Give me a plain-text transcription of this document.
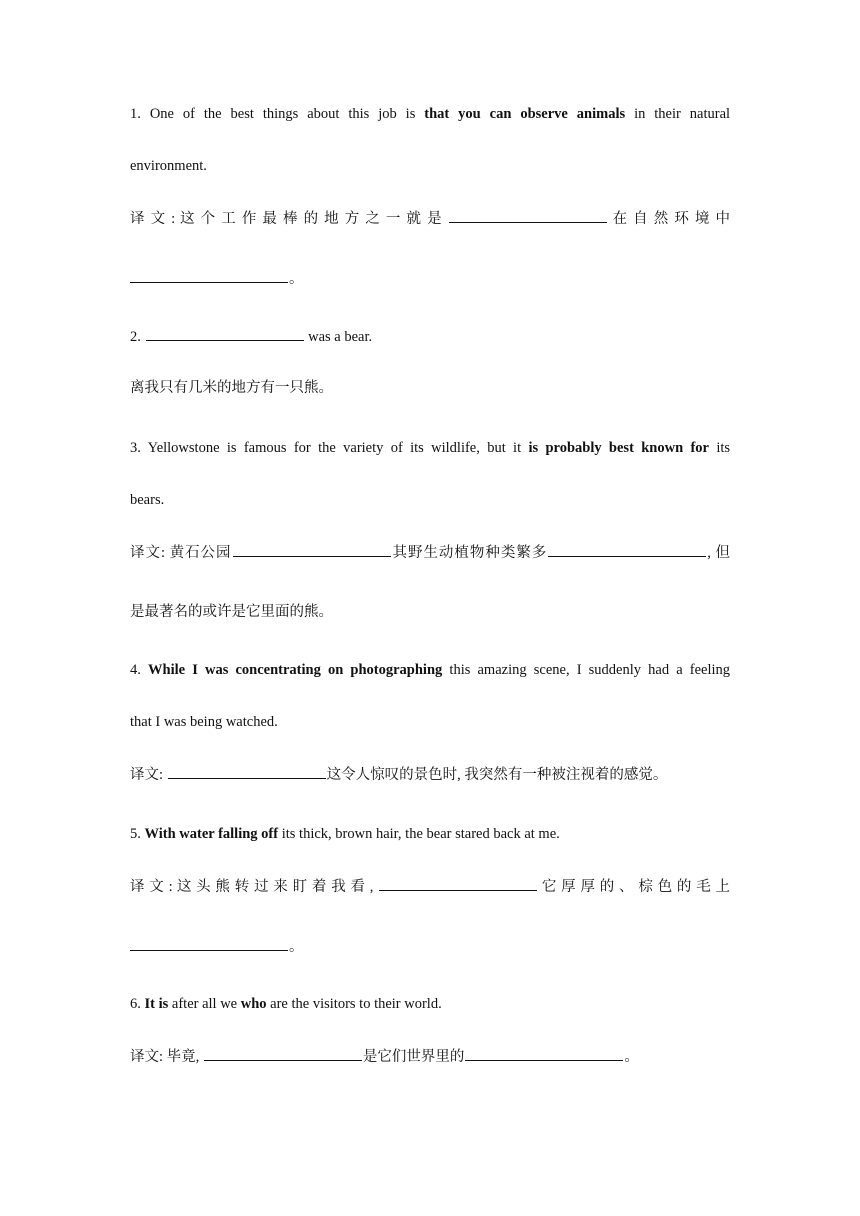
1. One of the best things about this job is that you can observe animals in their natural
environment.
译 文 : 这 个 工 作 最 棒 的 地 方 之 一 就 是	在 自 然 环 境 中
。
2.	was a bear.
离我只有几米的地方有一只熊。
3. Yellowstone is famous for the variety of its wildlife, but it is probably best known for its
bears.
译文: 黄石公园	其野生动植物种类繁多	, 但
是最著名的或许是它里面的熊。
4. While I was concentrating on photographing this amazing scene, I suddenly had a feeling
that I was being watched.
译文:	这令人惊叹的景色时, 我突然有一种被注视着的感觉。
5. With water falling off its thick, brown hair, the bear stared back at me.
译 文 : 这 头 熊 转 过 来 盯 着 我 看 ,	它 厚 厚 的 、 棕 色 的 毛 上
。
6. It is after all we who are the visitors to their world.
译文: 毕竟,	是它们世界里的	。
